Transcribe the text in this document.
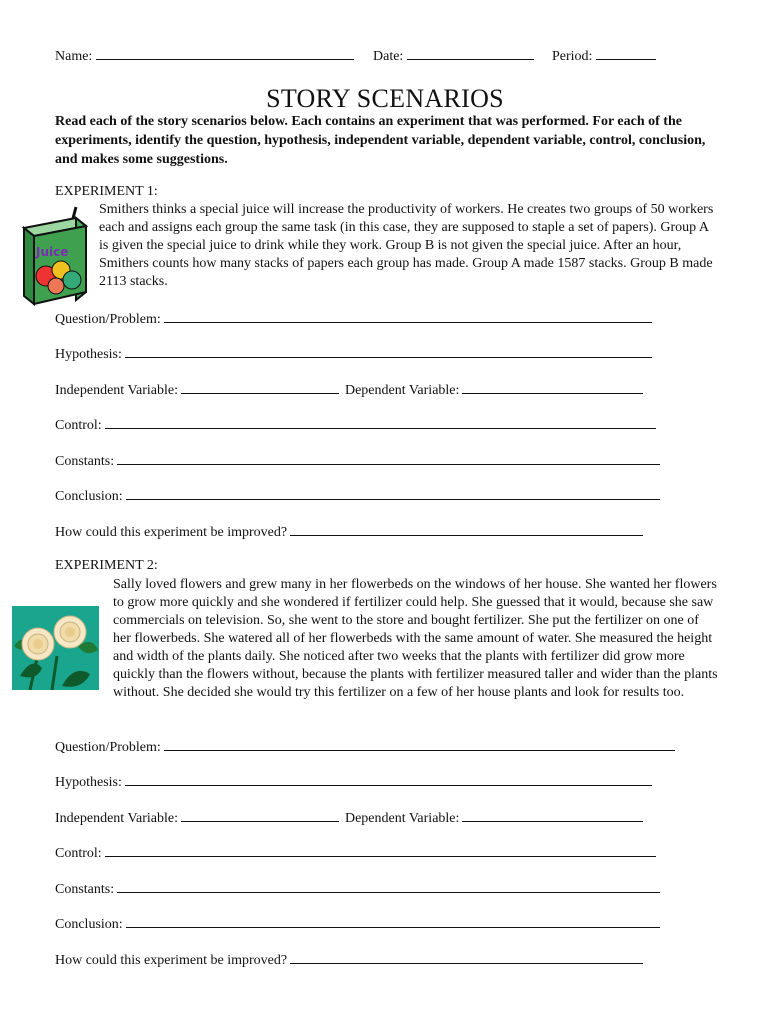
Name:	Date:	Period:
STORY SCENARIOS
Read each of the story scenarios below. Each contains an experiment that was performed. For each of the experiments, identify the question, hypothesis, independent variable, dependent variable, control, conclusion, and makes some suggestions.
EXPERIMENT 1:
Juice
Smithers thinks a special juice will increase the productivity of workers. He creates two groups of 50 workers each and assigns each group the same task (in this case, they are supposed to staple a set of papers). Group A is given the special juice to drink while they work. Group B is not given the special juice. After an hour, Smithers counts how many stacks of papers each group has made. Group A made 1587 stacks. Group B made 2113 stacks.
Question/Problem:
Hypothesis:
Independent Variable:	Dependent Variable:
Control:
Constants:
Conclusion:
How could this experiment be improved?
EXPERIMENT 2:
Sally loved flowers and grew many in her flowerbeds on the windows of her house. She wanted her flowers to grow more quickly and she wondered if fertilizer could help. She guessed that it would, because she saw commercials on television. So, she went to the store and bought fertilizer. She put the fertilizer on one of her flowerbeds. She watered all of her flowerbeds with the same amount of water. She measured the height and width of the plants daily. She noticed after two weeks that the plants with fertilizer did grow more quickly than the flowers without, because the plants with fertilizer measured taller and wider than the plants without. She decided she would try this fertilizer on a few of her house plants and look for results too.
Question/Problem:
Hypothesis:
Independent Variable:	Dependent Variable:
Control:
Constants:
Conclusion:
How could this experiment be improved?
